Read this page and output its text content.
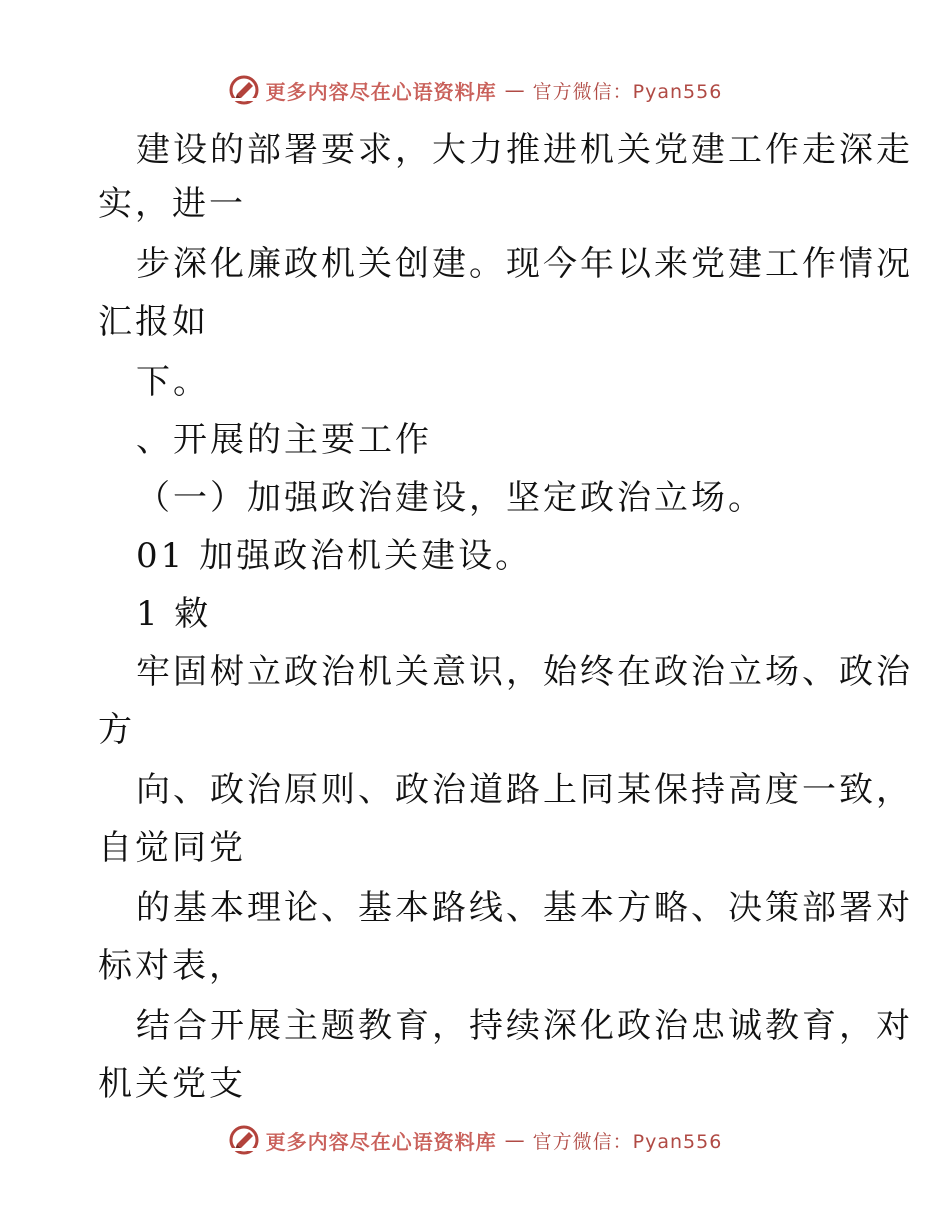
更多内容尽在心语资料库 — 官方微信：Pyan556
建设的部署要求，大力推进机关党建工作走深走
实，进一
步深化廉政机关创建。现今年以来党建工作情况
汇报如
下。
、开展的主要工作
（一）加强政治建设，坚定政治立场。
01 加强政治机关建设。
1 敹
牢固树立政治机关意识，始终在政治立场、政治
方
向、政治原则、政治道路上同某保持高度一致，
自觉同党
的基本理论、基本路线、基本方略、决策部署对
标对表，
结合开展主题教育，持续深化政治忠诚教育，对
机关党支
更多内容尽在心语资料库 — 官方微信：Pyan556
